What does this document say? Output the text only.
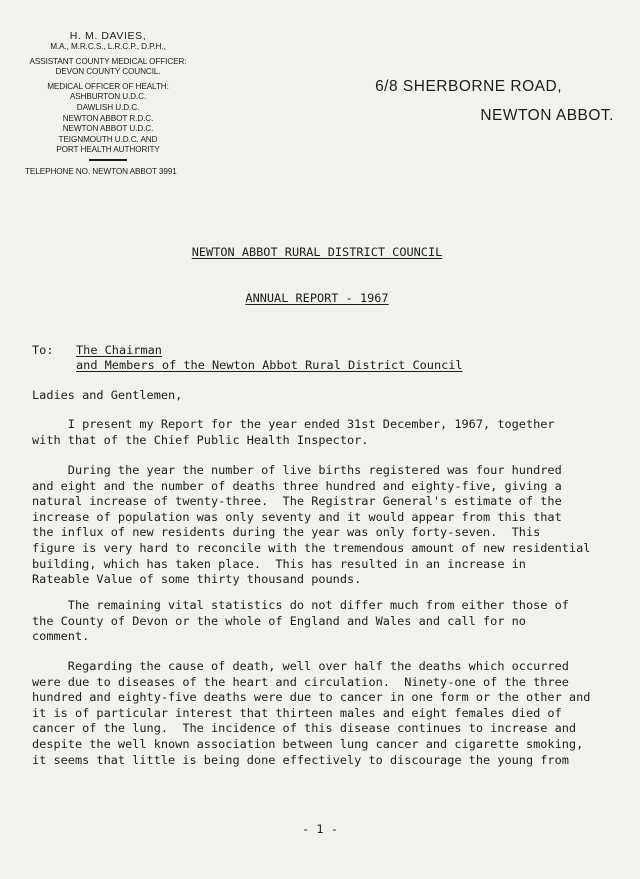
H. M. DAVIES,
M.A., M.R.C.S., L.R.C.P., D.P.H.,
ASSISTANT COUNTY MEDICAL OFFICER:
DEVON COUNTY COUNCIL.
MEDICAL OFFICER OF HEALTH:
ASHBURTON U.D.C.
DAWLISH U.D.C.
NEWTON ABBOT R.D.C.
NEWTON ABBOT U.D.C.
TEIGNMOUTH U.D.C. AND
PORT HEALTH AUTHORITY
TELEPHONE NO. NEWTON ABBOT 3991
6/8 SHERBORNE ROAD,
NEWTON ABBOT.
NEWTON ABBOT RURAL DISTRICT COUNCIL
ANNUAL REPORT - 1967
To: The Chairman
and Members of the Newton Abbot Rural District Council
Ladies and Gentlemen,
I present my Report for the year ended 31st December, 1967, together
with that of the Chief Public Health Inspector.
During the year the number of live births registered was four hundred
and eight and the number of deaths three hundred and eighty-five, giving a
natural increase of twenty-three.  The Registrar General's estimate of the
increase of population was only seventy and it would appear from this that
the influx of new residents during the year was only forty-seven.  This
figure is very hard to reconcile with the tremendous amount of new residential
building, which has taken place.  This has resulted in an increase in
Rateable Value of some thirty thousand pounds.
The remaining vital statistics do not differ much from either those of
the County of Devon or the whole of England and Wales and call for no
comment.
Regarding the cause of death, well over half the deaths which occurred
were due to diseases of the heart and circulation.  Ninety-one of the three
hundred and eighty-five deaths were due to cancer in one form or the other and
it is of particular interest that thirteen males and eight females died of
cancer of the lung.  The incidence of this disease continues to increase and
despite the well known association between lung cancer and cigarette smoking,
it seems that little is being done effectively to discourage the young from
- 1 -
